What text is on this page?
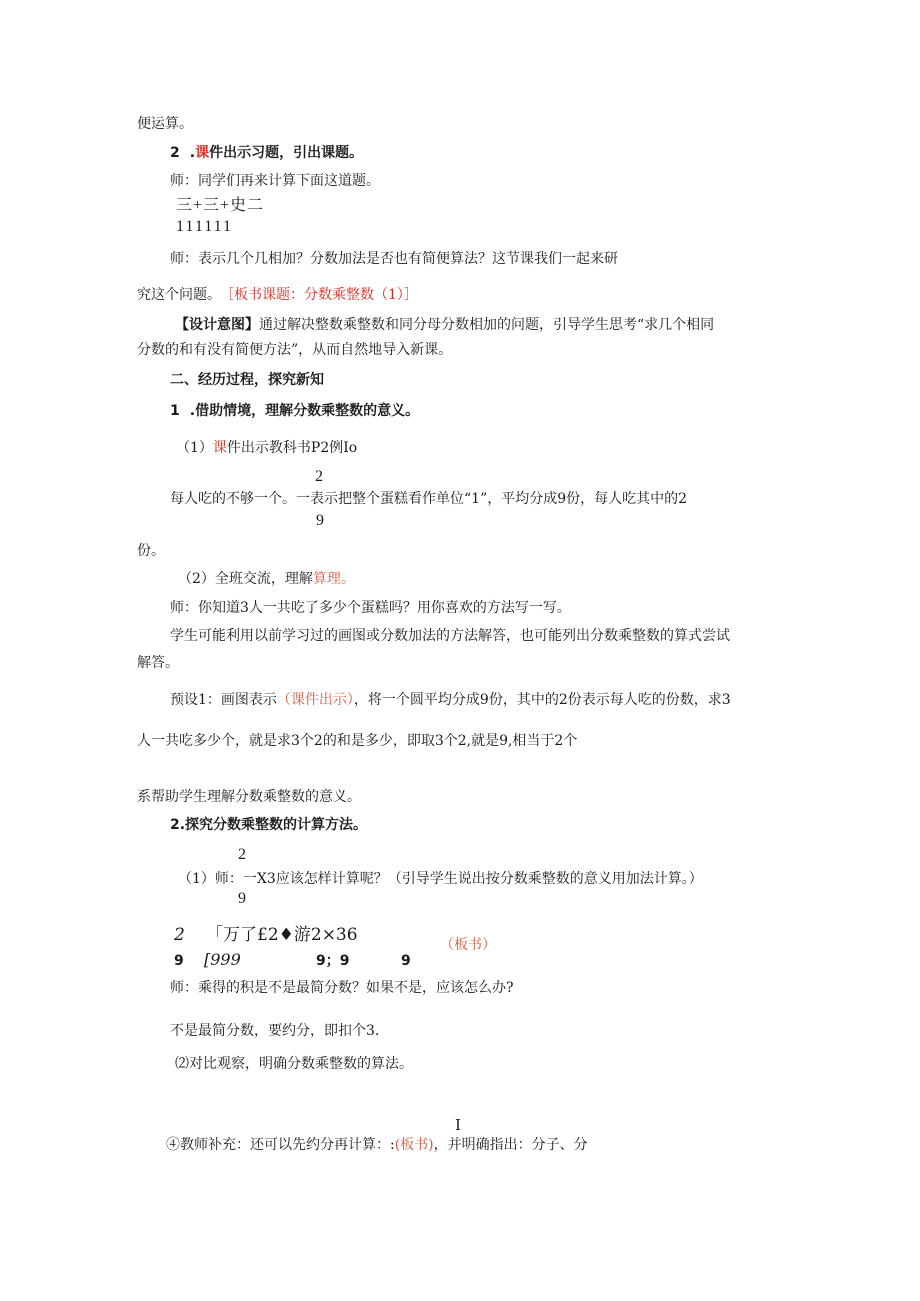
便运算。
2 .课件出示习题，引出课题。
师：同学们再来计算下面这道题。
三+三+史二
111111
师：表示几个几相加？分数加法是否也有简便算法？这节课我们一起来研
究这个问题。 ［板书课题：分数乘整数（1）］
【设计意图】通过解决整数乘整数和同分母分数相加的问题，引导学生思考“求几个相同
分数的和有没有简便方法”，从而自然地导入新课。
二、经历过程，探究新知
1 .借助情境，理解分数乘整数的意义。
（1）课件出示教科书P2例Io
2
每人吃的不够一个。一表示把整个蛋糕看作单位“1”，平均分成9份，每人吃其中的2
9
份。
（2）全班交流，理解算理。
师：你知道3人一共吃了多少个蛋糕吗？用你喜欢的方法写一写。
学生可能利用以前学习过的画图或分数加法的方法解答，也可能列出分数乘整数的算式尝试
解答。
预设1：画图表示（课件出示），将一个圆平均分成9份，其中的2份表示每人吃的份数，求3
人一共吃多少个，就是求3个2的和是多少，即取3个2,就是9,相当于2个
系帮助学生理解分数乘整数的意义。
2.探究分数乘整数的计算方法。
2
（1）师：一X3应该怎样计算呢？（引导学生说出按分数乘整数的意义用加法计算。）
9
2 「万了£2♦游2×36	（板书）
9 [999	9；9	9
师：乘得的积是不是最简分数？如果不是，应该怎么办?
不是最简分数，要约分，即扣个3.
⑵对比观察，明确分数乘整数的算法。
I
④教师补充：还可以先约分再计算：:(板书)，并明确指出：分子、分
